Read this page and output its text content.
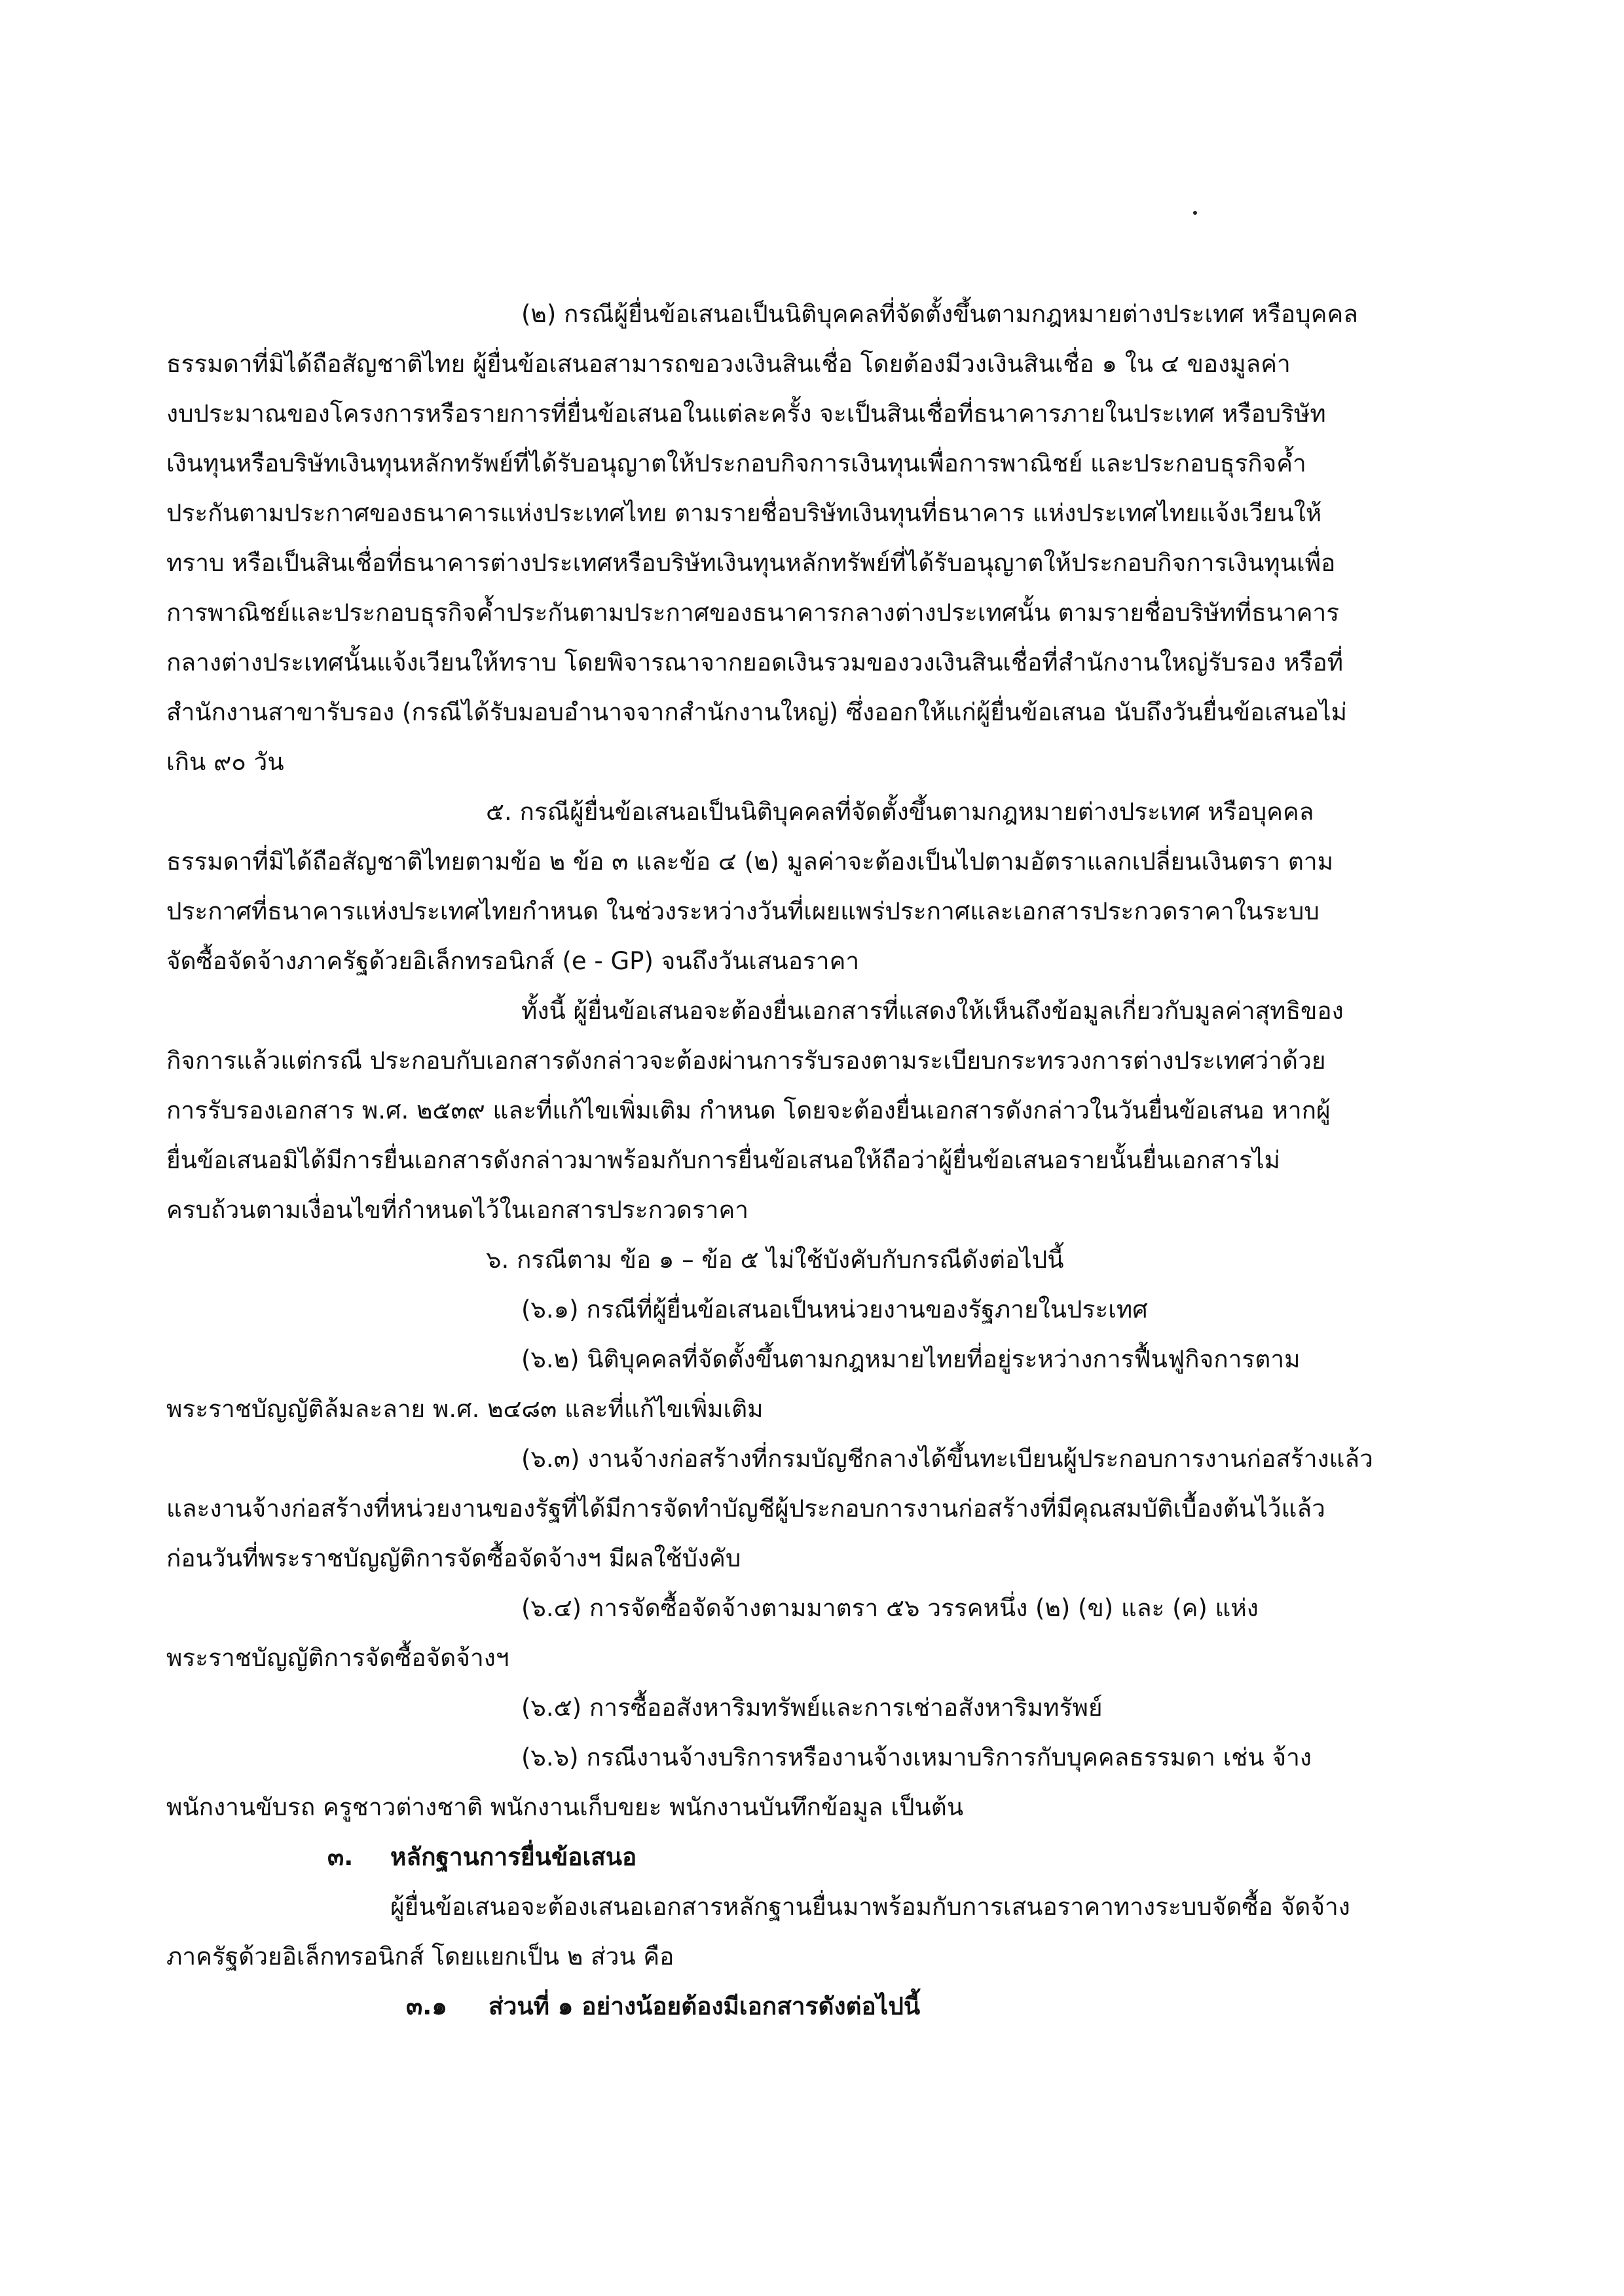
(๒) กรณีผู้ยื่นข้อเสนอเป็นนิติบุคคลที่จัดตั้งขึ้นตามกฎหมายต่างประเทศ หรือบุคคล
ธรรมดาที่มิได้ถือสัญชาติไทย ผู้ยื่นข้อเสนอสามารถขอวงเงินสินเชื่อ โดยต้องมีวงเงินสินเชื่อ ๑ ใน ๔ ของมูลค่า
งบประมาณของโครงการหรือรายการที่ยื่นข้อเสนอในแต่ละครั้ง จะเป็นสินเชื่อที่ธนาคารภายในประเทศ หรือบริษัท
เงินทุนหรือบริษัทเงินทุนหลักทรัพย์ที่ได้รับอนุญาตให้ประกอบกิจการเงินทุนเพื่อการพาณิชย์ และประกอบธุรกิจค้ำ
ประกันตามประกาศของธนาคารแห่งประเทศไทย ตามรายชื่อบริษัทเงินทุนที่ธนาคาร แห่งประเทศไทยแจ้งเวียนให้
ทราบ หรือเป็นสินเชื่อที่ธนาคารต่างประเทศหรือบริษัทเงินทุนหลักทรัพย์ที่ได้รับอนุญาตให้ประกอบกิจการเงินทุนเพื่อ
การพาณิชย์และประกอบธุรกิจค้ำประกันตามประกาศของธนาคารกลางต่างประเทศนั้น ตามรายชื่อบริษัทที่ธนาคาร
กลางต่างประเทศนั้นแจ้งเวียนให้ทราบ โดยพิจารณาจากยอดเงินรวมของวงเงินสินเชื่อที่สำนักงานใหญ่รับรอง หรือที่
สำนักงานสาขารับรอง (กรณีได้รับมอบอำนาจจากสำนักงานใหญ่) ซึ่งออกให้แก่ผู้ยื่นข้อเสนอ นับถึงวันยื่นข้อเสนอไม่
เกิน ๙๐ วัน
๕. กรณีผู้ยื่นข้อเสนอเป็นนิติบุคคลที่จัดตั้งขึ้นตามกฎหมายต่างประเทศ หรือบุคคล
ธรรมดาที่มิได้ถือสัญชาติไทยตามข้อ ๒ ข้อ ๓ และข้อ ๔ (๒) มูลค่าจะต้องเป็นไปตามอัตราแลกเปลี่ยนเงินตรา ตาม
ประกาศที่ธนาคารแห่งประเทศไทยกำหนด ในช่วงระหว่างวันที่เผยแพร่ประกาศและเอกสารประกวดราคาในระบบ
จัดซื้อจัดจ้างภาครัฐด้วยอิเล็กทรอนิกส์ (e - GP) จนถึงวันเสนอราคา
ทั้งนี้ ผู้ยื่นข้อเสนอจะต้องยื่นเอกสารที่แสดงให้เห็นถึงข้อมูลเกี่ยวกับมูลค่าสุทธิของ
กิจการแล้วแต่กรณี ประกอบกับเอกสารดังกล่าวจะต้องผ่านการรับรองตามระเบียบกระทรวงการต่างประเทศว่าด้วย
การรับรองเอกสาร พ.ศ. ๒๕๓๙ และที่แก้ไขเพิ่มเติม กำหนด โดยจะต้องยื่นเอกสารดังกล่าวในวันยื่นข้อเสนอ หากผู้
ยื่นข้อเสนอมิได้มีการยื่นเอกสารดังกล่าวมาพร้อมกับการยื่นข้อเสนอให้ถือว่าผู้ยื่นข้อเสนอรายนั้นยื่นเอกสารไม่
ครบถ้วนตามเงื่อนไขที่กำหนดไว้ในเอกสารประกวดราคา
๖. กรณีตาม ข้อ ๑ – ข้อ ๕ ไม่ใช้บังคับกับกรณีดังต่อไปนี้
(๖.๑) กรณีที่ผู้ยื่นข้อเสนอเป็นหน่วยงานของรัฐภายในประเทศ
(๖.๒) นิติบุคคลที่จัดตั้งขึ้นตามกฎหมายไทยที่อยู่ระหว่างการฟื้นฟูกิจการตาม
พระราชบัญญัติล้มละลาย พ.ศ. ๒๔๘๓ และที่แก้ไขเพิ่มเติม
(๖.๓) งานจ้างก่อสร้างที่กรมบัญชีกลางได้ขึ้นทะเบียนผู้ประกอบการงานก่อสร้างแล้ว
และงานจ้างก่อสร้างที่หน่วยงานของรัฐที่ได้มีการจัดทำบัญชีผู้ประกอบการงานก่อสร้างที่มีคุณสมบัติเบื้องต้นไว้แล้ว
ก่อนวันที่พระราชบัญญัติการจัดซื้อจัดจ้างฯ มีผลใช้บังคับ
(๖.๔) การจัดซื้อจัดจ้างตามมาตรา ๕๖ วรรคหนึ่ง (๒) (ข) และ (ค) แห่ง
พระราชบัญญัติการจัดซื้อจัดจ้างฯ
(๖.๕) การซื้ออสังหาริมทรัพย์และการเช่าอสังหาริมทรัพย์
(๖.๖) กรณีงานจ้างบริการหรืองานจ้างเหมาบริการกับบุคคลธรรมดา เช่น จ้าง
พนักงานขับรถ ครูชาวต่างชาติ พนักงานเก็บขยะ พนักงานบันทึกข้อมูล เป็นต้น
๓. หลักฐานการยื่นข้อเสนอ
ผู้ยื่นข้อเสนอจะต้องเสนอเอกสารหลักฐานยื่นมาพร้อมกับการเสนอราคาทางระบบจัดซื้อ จัดจ้าง
ภาครัฐด้วยอิเล็กทรอนิกส์ โดยแยกเป็น ๒ ส่วน คือ
๓.๑ ส่วนที่ ๑ อย่างน้อยต้องมีเอกสารดังต่อไปนี้
